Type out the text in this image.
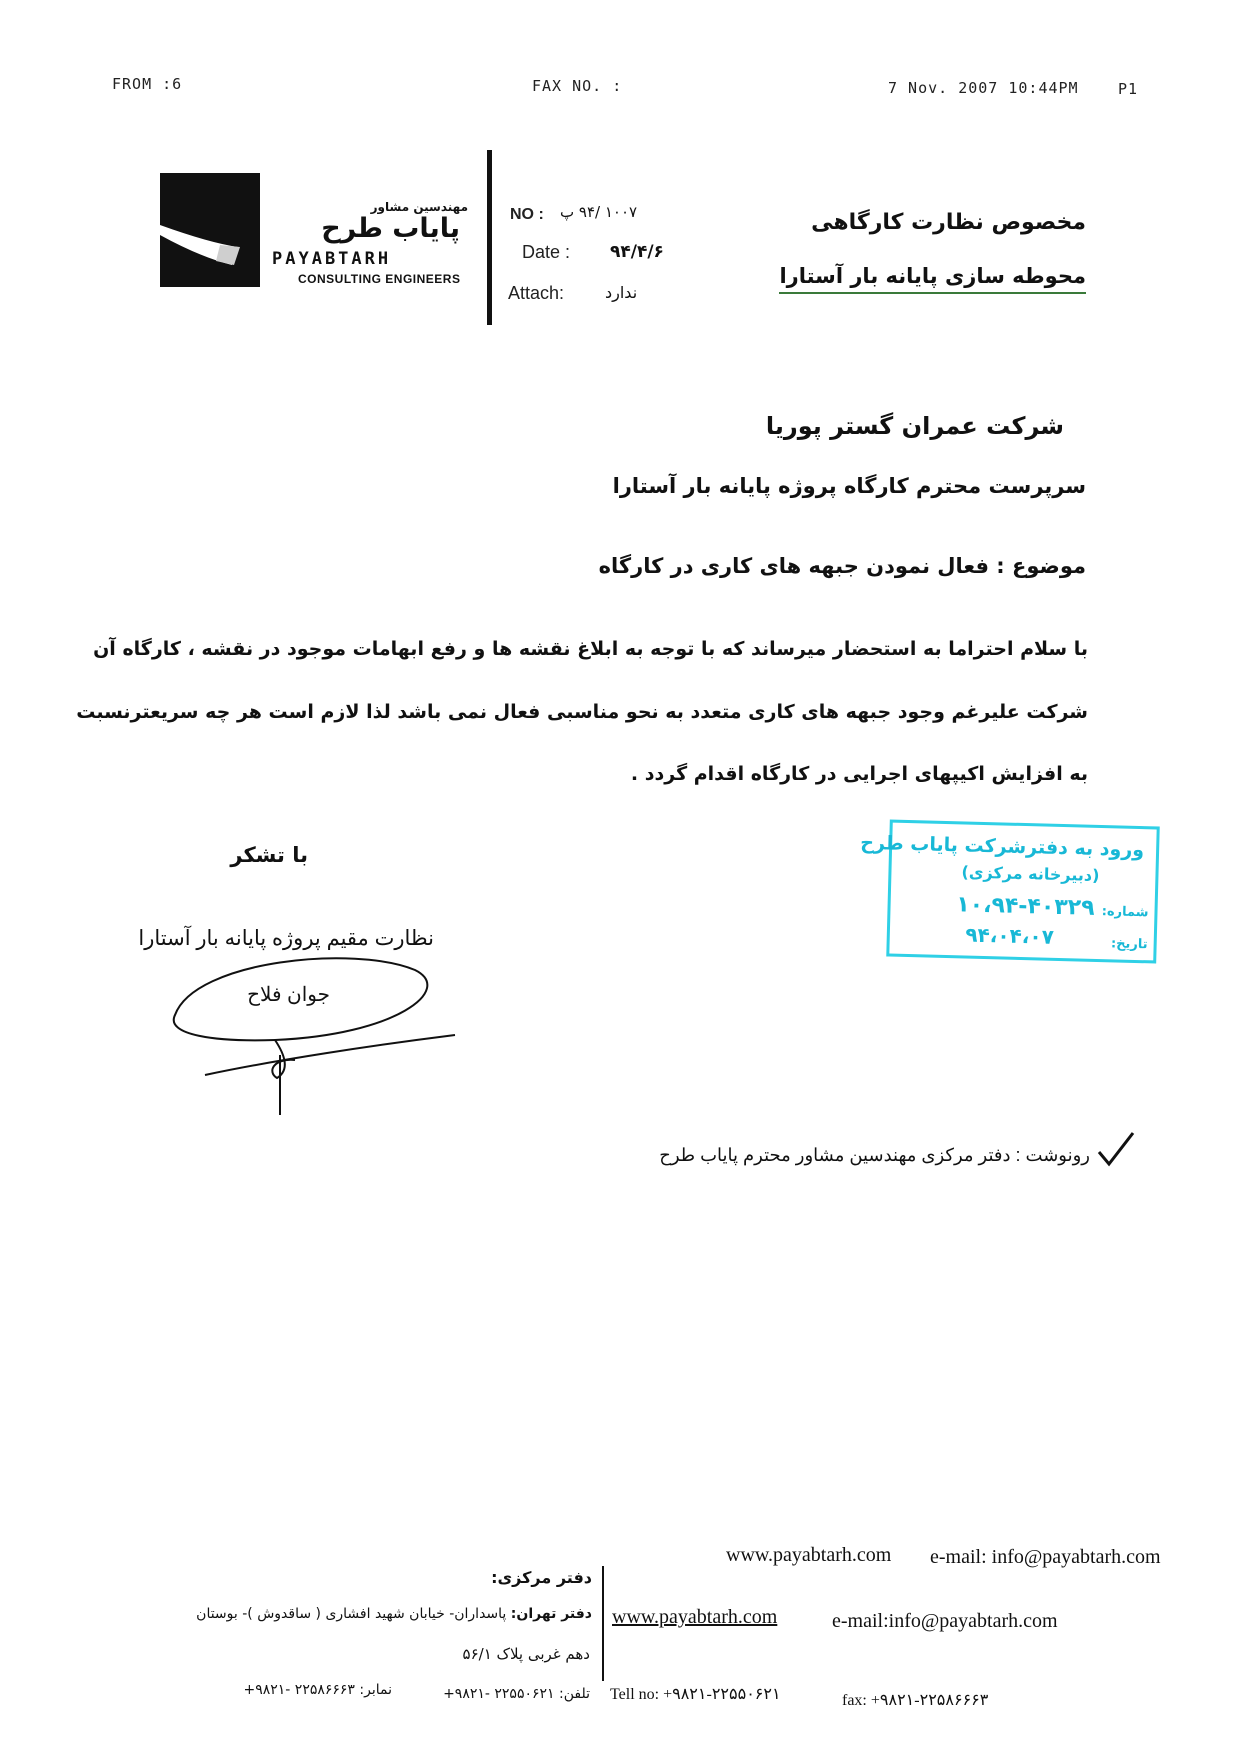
FROM :6	FAX NO. :	7 Nov. 2007 10:44PM	P1
مهندسین مشاور
پایاب طرح
PAYABTARH
CONSULTING ENGINEERS
NO : ۱۰۰۷ /۹۴ پ
Date : ۹۴/۴/۶
Attach:	ندارد
مخصوص نظارت کارگاهی
محوطه سازی پایانه بار آستارا
شرکت عمران گستر پوریا
سرپرست محترم کارگاه پروژه پایانه بار آستارا
موضوع : فعال نمودن جبهه های کاری در کارگاه
با سلام احتراما به استحضار میرساند که با توجه به ابلاغ نقشه ها و رفع ابهامات موجود در نقشه ، کارگاه آن
شرکت علیرغم وجود جبهه های کاری متعدد به نحو مناسبی فعال نمی باشد لذا لازم است هر چه سریعترنسبت
به افزایش اکیپهای اجرایی در کارگاه اقدام گردد .
با تشکر
نظارت مقیم پروژه پایانه بار آستارا
جوان فلاح
ورود به دفترشرکت پایاب طرح
(دبیرخانه مرکزی)
شماره:
۱۰،۹۴-۴۰۳۲۹
تاریخ:
۹۴،۰۴،۰۷
رونوشت : دفتر مرکزی مهندسین مشاور محترم پایاب طرح
www.payabtarh.com e-mail: info@payabtarh.com
دفتر مرکزی:
دفتر تهران: پاسداران- خیابان شهید افشاری ( ساقدوش )- بوستان
دهم غربی پلاک ۵۶/۱
www.payabtarh.com	e-mail:info@payabtarh.com
تلفن: ۲۲۵۵۰۶۲۱ -۹۸۲۱+
نمابر: ۲۲۵۸۶۶۶۳ -۹۸۲۱+	Tell no: +۹۸۲۱-۲۲۵۵۰۶۲۱	fax: +۹۸۲۱-۲۲۵۸۶۶۶۳
